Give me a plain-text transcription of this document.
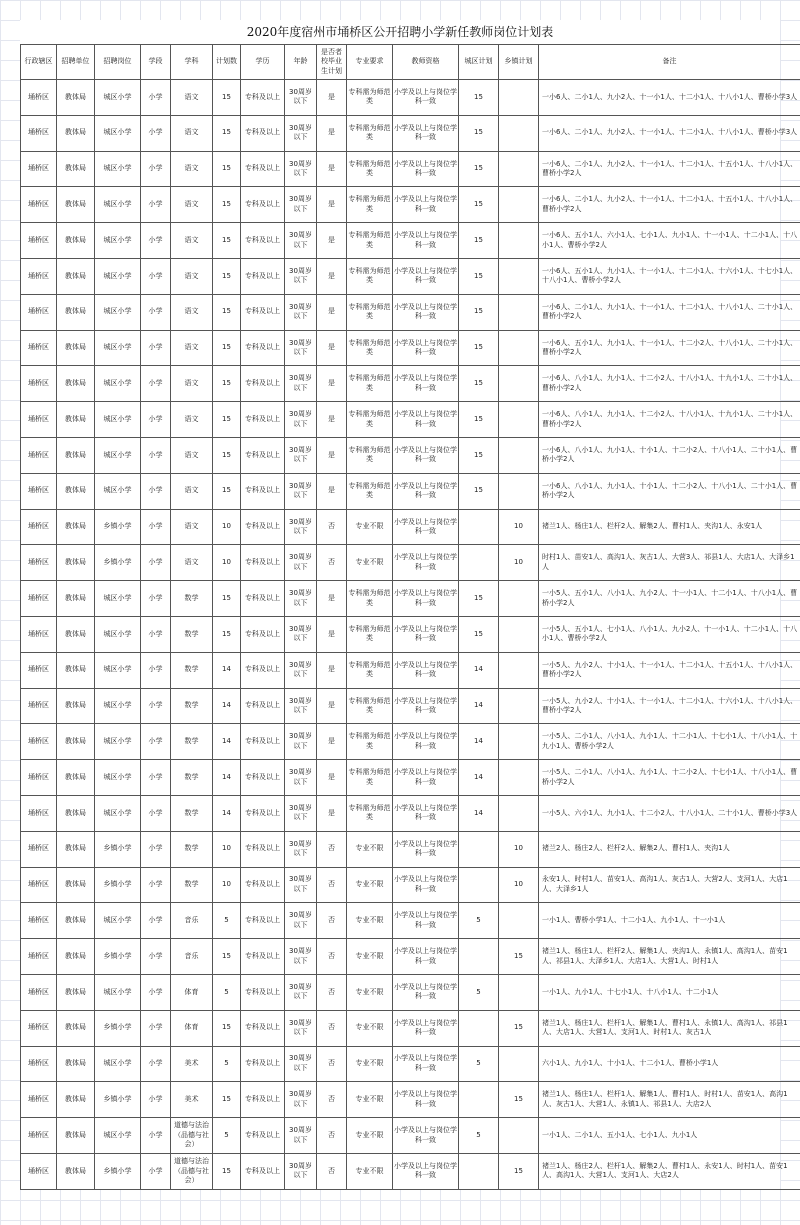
2020年度宿州市埇桥区公开招聘小学新任教师岗位计划表
行政辖区	招聘单位	招聘岗位	学段	学科	计划数	学历	年龄	是否者校毕业生计划	专业要求	教师资格	城区计划	乡镇计划	备注
埇桥区	教体局	城区小学	小学	语文	15	专科及以上	30周岁以下	是	专科需为师范类	小学及以上与岗位学科一致	15		一小6人、二小1人、九小2人、十一小1人、十二小1人、十八小1人、曹桥小学3人
埇桥区	教体局	城区小学	小学	语文	15	专科及以上	30周岁以下	是	专科需为师范类	小学及以上与岗位学科一致	15		一小6人、二小1人、九小2人、十一小1人、十二小1人、十八小1人、曹桥小学3人
埇桥区	教体局	城区小学	小学	语文	15	专科及以上	30周岁以下	是	专科需为师范类	小学及以上与岗位学科一致	15		一小6人、二小1人、九小2人、十一小1人、十二小1人、十五小1人、十八小1人、曹桥小学2人
埇桥区	教体局	城区小学	小学	语文	15	专科及以上	30周岁以下	是	专科需为师范类	小学及以上与岗位学科一致	15		一小6人、二小1人、九小2人、十一小1人、十二小1人、十五小1人、十八小1人、曹桥小学2人
埇桥区	教体局	城区小学	小学	语文	15	专科及以上	30周岁以下	是	专科需为师范类	小学及以上与岗位学科一致	15		一小6人、五小1人、六小1人、七小1人、九小1人、十一小1人、十二小1人、十八小1人、曹桥小学2人
埇桥区	教体局	城区小学	小学	语文	15	专科及以上	30周岁以下	是	专科需为师范类	小学及以上与岗位学科一致	15		一小6人、五小1人、九小1人、十一小1人、十二小1人、十六小1人、十七小1人、十八小1人、曹桥小学2人
埇桥区	教体局	城区小学	小学	语文	15	专科及以上	30周岁以下	是	专科需为师范类	小学及以上与岗位学科一致	15		一小6人、二小1人、九小1人、十一小1人、十二小1人、十八小1人、二十小1人、曹桥小学2人
埇桥区	教体局	城区小学	小学	语文	15	专科及以上	30周岁以下	是	专科需为师范类	小学及以上与岗位学科一致	15		一小6人、五小1人、九小1人、十一小1人、十二小2人、十八小1人、二十小1人、曹桥小学2人
埇桥区	教体局	城区小学	小学	语文	15	专科及以上	30周岁以下	是	专科需为师范类	小学及以上与岗位学科一致	15		一小6人、八小1人、九小1人、十二小2人、十八小1人、十九小1人、二十小1人、曹桥小学2人
埇桥区	教体局	城区小学	小学	语文	15	专科及以上	30周岁以下	是	专科需为师范类	小学及以上与岗位学科一致	15		一小6人、八小1人、九小1人、十二小2人、十八小1人、十九小1人、二十小1人、曹桥小学2人
埇桥区	教体局	城区小学	小学	语文	15	专科及以上	30周岁以下	是	专科需为师范类	小学及以上与岗位学科一致	15		一小6人、八小1人、九小1人、十小1人、十二小2人、十八小1人、二十小1人、曹桥小学2人
埇桥区	教体局	城区小学	小学	语文	15	专科及以上	30周岁以下	是	专科需为师范类	小学及以上与岗位学科一致	15		一小6人、八小1人、九小1人、十小1人、十二小2人、十八小1人、二十小1人、曹桥小学2人
埇桥区	教体局	乡镇小学	小学	语文	10	专科及以上	30周岁以下	否	专业不限	小学及以上与岗位学科一致		10	褚兰1人、杨庄1人、栏杆2人、解集2人、曹村1人、夹沟1人、永安1人
埇桥区	教体局	乡镇小学	小学	语文	10	专科及以上	30周岁以下	否	专业不限	小学及以上与岗位学科一致		10	时村1人、苗安1人、高沟1人、灰古1人、大营3人、祁县1人、大店1人、大泽乡1人
埇桥区	教体局	城区小学	小学	数学	15	专科及以上	30周岁以下	是	专科需为师范类	小学及以上与岗位学科一致	15		一小5人、五小1人、八小1人、九小2人、十一小1人、十二小1人、十八小1人、曹桥小学2人
埇桥区	教体局	城区小学	小学	数学	15	专科及以上	30周岁以下	是	专科需为师范类	小学及以上与岗位学科一致	15		一小5人、五小1人、七小1人、八小1人、九小2人、十一小1人、十二小1人、十八小1人、曹桥小学2人
埇桥区	教体局	城区小学	小学	数学	14	专科及以上	30周岁以下	是	专科需为师范类	小学及以上与岗位学科一致	14		一小5人、九小2人、十小1人、十一小1人、十二小1人、十五小1人、十八小1人、曹桥小学2人
埇桥区	教体局	城区小学	小学	数学	14	专科及以上	30周岁以下	是	专科需为师范类	小学及以上与岗位学科一致	14		一小5人、九小2人、十小1人、十一小1人、十二小1人、十六小1人、十八小1人、曹桥小学2人
埇桥区	教体局	城区小学	小学	数学	14	专科及以上	30周岁以下	是	专科需为师范类	小学及以上与岗位学科一致	14		一小5人、二小1人、八小1人、九小1人、十二小1人、十七小1人、十八小1人、十九小1人、曹桥小学2人
埇桥区	教体局	城区小学	小学	数学	14	专科及以上	30周岁以下	是	专科需为师范类	小学及以上与岗位学科一致	14		一小5人、二小1人、八小1人、九小1人、十二小2人、十七小1人、十八小1人、曹桥小学2人
埇桥区	教体局	城区小学	小学	数学	14	专科及以上	30周岁以下	是	专科需为师范类	小学及以上与岗位学科一致	14		一小5人、六小1人、九小1人、十二小2人、十八小1人、二十小1人、曹桥小学3人
埇桥区	教体局	乡镇小学	小学	数学	10	专科及以上	30周岁以下	否	专业不限	小学及以上与岗位学科一致		10	褚兰2人、杨庄2人、栏杆2人、解集2人、曹村1人、夹沟1人
埇桥区	教体局	乡镇小学	小学	数学	10	专科及以上	30周岁以下	否	专业不限	小学及以上与岗位学科一致		10	永安1人、时村1人、苗安1人、高沟1人、灰古1人、大营2人、支河1人、大店1人、大泽乡1人
埇桥区	教体局	城区小学	小学	音乐	5	专科及以上	30周岁以下	否	专业不限	小学及以上与岗位学科一致	5		一小1人、曹桥小学1人、十二小1人、九小1人、十一小1人
埇桥区	教体局	乡镇小学	小学	音乐	15	专科及以上	30周岁以下	否	专业不限	小学及以上与岗位学科一致		15	褚兰1人、杨庄1人、栏杆2人、解集1人、夹沟1人、永镇1人、高沟1人、苗安1人、祁县1人、大泽乡1人、大店1人、大营1人、时村1人
埇桥区	教体局	城区小学	小学	体育	5	专科及以上	30周岁以下	否	专业不限	小学及以上与岗位学科一致	5		一小1人、九小1人、十七小1人、十八小1人、十二小1人
埇桥区	教体局	乡镇小学	小学	体育	15	专科及以上	30周岁以下	否	专业不限	小学及以上与岗位学科一致		15	褚兰1人、杨庄1人、栏杆1人、解集1人、曹村1人、永镇1人、高沟1人、祁县1人、大店1人、大营1人、支河1人、时村1人、灰古1人
埇桥区	教体局	城区小学	小学	美术	5	专科及以上	30周岁以下	否	专业不限	小学及以上与岗位学科一致	5		六小1人、九小1人、十小1人、十二小1人、曹桥小学1人
埇桥区	教体局	乡镇小学	小学	美术	15	专科及以上	30周岁以下	否	专业不限	小学及以上与岗位学科一致		15	褚兰1人、杨庄1人、栏杆1人、解集1人、曹村1人、时村1人、苗安1人、高沟1人、灰古1人、大营1人、永镇1人、祁县1人、大店2人
埇桥区	教体局	城区小学	小学	道德与法治（品德与社会）	5	专科及以上	30周岁以下	否	专业不限	小学及以上与岗位学科一致	5		一小1人、二小1人、五小1人、七小1人、九小1人
埇桥区	教体局	乡镇小学	小学	道德与法治（品德与社会）	15	专科及以上	30周岁以下	否	专业不限	小学及以上与岗位学科一致		15	褚兰1人、杨庄2人、栏杆1人、解集2人、曹村1人、永安1人、时村1人、苗安1人、高沟1人、大营1人、支河1人、大店2人
